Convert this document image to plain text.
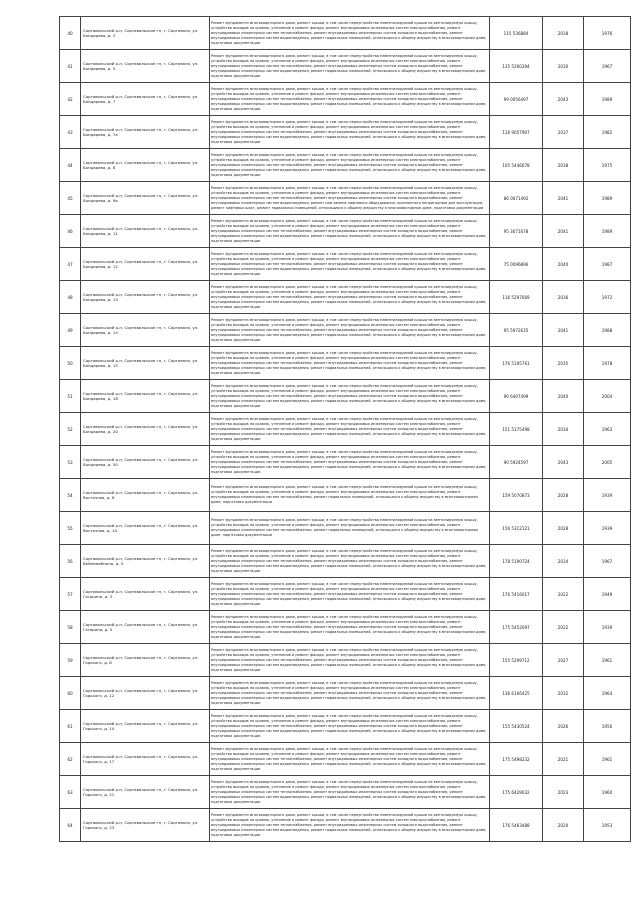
40	Сортавальский р-н, Сортавальское гп, г. Сортавала, ул. Бондарева, д. 3	Ремонт фундамента многоквартирного дома, ремонт крыши, в том числе переустройство невентилируемой крыши на вентилируемую крышу, устройство выходов на кровлю, утепление и ремонт фасада, ремонт внутридомовых инженерных систем электроснабжения, ремонт внутридомовых инженерных систем теплоснабжения, ремонт внутридомовых инженерных систем холодного водоснабжения, ремонт внутридомовых инженерных систем водоотведения, ремонт подвальных помещений, относящихся к общему имуществу в многоквартирном доме, подготовка документации	115 536884	2038	1976

41	Сортавальский р-н, Сортавальское гп, г. Сортавала, ул. Бондарева, д. 5	Ремонт фундамента многоквартирного дома, ремонт крыши, в том числе переустройство невентилируемой крыши на вентилируемую крышу, устройство выходов на кровлю, утепление и ремонт фасада, ремонт внутридомовых инженерных систем электроснабжения, ремонт внутридомовых инженерных систем теплоснабжения, ремонт внутридомовых инженерных систем холодного водоснабжения, ремонт внутридомовых инженерных систем водоотведения, ремонт подвальных помещений, относящихся к общему имуществу в многоквартирном доме, подготовка документации	135 5260394	2030	1967

42	Сортавальский р-н, Сортавальское гп, г. Сортавала, ул. Бондарева, д. 7	Ремонт фундамента многоквартирного дома, ремонт крыши, в том числе переустройство невентилируемой крыши на вентилируемую крышу, устройство выходов на кровлю, утепление и ремонт фасада, ремонт внутридомовых инженерных систем электроснабжения, ремонт внутридомовых инженерных систем теплоснабжения, ремонт внутридомовых инженерных систем холодного водоснабжения, ремонт внутридомовых инженерных систем водоотведения, ремонт подвальных помещений, относящихся к общему имуществу в многоквартирном доме, подготовка документации	99 0056497	2043	1989

43	Сортавальский р-н, Сортавальское гп, г. Сортавала, ул. Бондарева, д. 7а	Ремонт фундамента многоквартирного дома, ремонт крыши, в том числе переустройство невентилируемой крыши на вентилируемую крышу, устройство выходов на кровлю, утепление и ремонт фасада, ремонт внутридомовых инженерных систем электроснабжения, ремонт внутридомовых инженерных систем теплоснабжения, ремонт внутридомовых инженерных систем холодного водоснабжения, ремонт внутридомовых инженерных систем водоотведения, ремонт подвальных помещений, относящихся к общему имуществу в многоквартирном доме, подготовка документации	116 9057907	2037	1982

44	Сортавальский р-н, Сортавальское гп, г. Сортавала, ул. Бондарева, д. 8	Ремонт фундамента многоквартирного дома, ремонт крыши, в том числе переустройство невентилируемой крыши на вентилируемую крышу, устройство выходов на кровлю, утепление и ремонт фасада, ремонт внутридомовых инженерных систем электроснабжения, ремонт внутридомовых инженерных систем теплоснабжения, ремонт внутридомовых инженерных систем холодного водоснабжения, ремонт внутридомовых инженерных систем водоотведения, ремонт подвальных помещений, относящихся к общему имуществу в многоквартирном доме, подготовка документации	105 5446678	2038	1975

45	Сортавальский р-н, Сортавальское гп, г. Сортавала, ул. Бондарева, д. 9а	Ремонт фундамента многоквартирного дома, ремонт крыши, в том числе переустройство невентилируемой крыши на вентилируемую крышу, устройство выходов на кровлю, утепление и ремонт фасада, ремонт внутридомовых инженерных систем электроснабжения, ремонт внутридомовых инженерных систем теплоснабжения, ремонт внутридомовых инженерных систем холодного водоснабжения, ремонт внутридомовых инженерных систем водоотведения, ремонт или замена лифтового оборудования, признанного непригодным для эксплуатации, ремонт лифтовых шахт, ремонт подвальных помещений, относящихся к общему имуществу в многоквартирном доме, подготовка документации	86 0071492	2041	1989

46	Сортавальский р-н, Сортавальское гп, г. Сортавала, ул. Бондарева, д. 11	Ремонт фундамента многоквартирного дома, ремонт крыши, в том числе переустройство невентилируемой крыши на вентилируемую крышу, устройство выходов на кровлю, утепление и ремонт фасада, ремонт внутридомовых инженерных систем электроснабжения, ремонт внутридомовых инженерных систем теплоснабжения, ремонт внутридомовых инженерных систем холодного водоснабжения, ремонт внутридомовых инженерных систем водоотведения, ремонт подвальных помещений, относящихся к общему имуществу в многоквартирном доме, подготовка документации	95 3071678	2041	1989

47	Сортавальский р-н, Сортавальское гп, г. Сортавала, ул. Бондарева, д. 12	Ремонт фундамента многоквартирного дома, ремонт крыши, в том числе переустройство невентилируемой крыши на вентилируемую крышу, устройство выходов на кровлю, утепление и ремонт фасада, ремонт внутридомовых инженерных систем электроснабжения, ремонт внутридомовых инженерных систем теплоснабжения, ремонт внутридомовых инженерных систем холодного водоснабжения, ремонт внутридомовых инженерных систем водоотведения, ремонт подвальных помещений, относящихся к общему имуществу в многоквартирном доме, подготовка документации	75 0096896	2040	1987

48	Сортавальский р-н, Сортавальское гп, г. Сортавала, ул. Бондарева, д. 13	Ремонт фундамента многоквартирного дома, ремонт крыши, в том числе переустройство невентилируемой крыши на вентилируемую крышу, устройство выходов на кровлю, утепление и ремонт фасада, ремонт внутридомовых инженерных систем электроснабжения, ремонт внутридомовых инженерных систем теплоснабжения, ремонт внутридомовых инженерных систем холодного водоснабжения, ремонт внутридомовых инженерных систем водоотведения, ремонт подвальных помещений, относящихся к общему имуществу в многоквартирном доме, подготовка документации	116 5297669	2036	1972

49	Сортавальский р-н, Сортавальское гп, г. Сортавала, ул. Бондарева, д. 14	Ремонт фундамента многоквартирного дома, ремонт крыши, в том числе переустройство невентилируемой крыши на вентилируемую крышу, устройство выходов на кровлю, утепление и ремонт фасада, ремонт внутридомовых инженерных систем электроснабжения, ремонт внутридомовых инженерных систем теплоснабжения, ремонт внутридомовых инженерных систем холодного водоснабжения, ремонт внутридомовых инженерных систем водоотведения, ремонт подвальных помещений, относящихся к общему имуществу в многоквартирном доме, подготовка документации	95 5972635	2041	1988

50	Сортавальский р-н, Сортавальское гп, г. Сортавала, ул. Бондарева, д. 15	Ремонт фундамента многоквартирного дома, ремонт крыши, в том числе переустройство невентилируемой крыши на вентилируемую крышу, устройство выходов на кровлю, утепление и ремонт фасада, ремонт внутридомовых инженерных систем электроснабжения, ремонт внутридомовых инженерных систем теплоснабжения, ремонт внутридомовых инженерных систем холодного водоснабжения, ремонт внутридомовых инженерных систем водоотведения, ремонт подвальных помещений, относящихся к общему имуществу в многоквартирном доме, подготовка документации	176 5195761	2035	1978

51	Сортавальский р-н, Сортавальское гп, г. Сортавала, ул. Бондарева, д. 18	Ремонт фундамента многоквартирного дома, ремонт крыши, в том числе переустройство невентилируемой крыши на вентилируемую крышу, устройство выходов на кровлю, утепление и ремонт фасада, ремонт внутридомовых инженерных систем электроснабжения, ремонт внутридомовых инженерных систем теплоснабжения, ремонт внутридомовых инженерных систем холодного водоснабжения, ремонт внутридомовых инженерных систем водоотведения, ремонт подвальных помещений, относящихся к общему имуществу в многоквартирном доме, подготовка документации	90 6407499	2040	2004

52	Сортавальский р-н, Сортавальское гп, г. Сортавала, ул. Бондарева, д. 20	Ремонт фундамента многоквартирного дома, ремонт крыши, в том числе переустройство невентилируемой крыши на вентилируемую крышу, устройство выходов на кровлю, утепление и ремонт фасада, ремонт внутридомовых инженерных систем электроснабжения, ремонт внутридомовых инженерных систем теплоснабжения, ремонт внутридомовых инженерных систем холодного водоснабжения, ремонт внутридомовых инженерных систем водоотведения, ремонт подвальных помещений, относящихся к общему имуществу в многоквартирном доме, подготовка документации	151 5175498	2034	1963

53	Сортавальский р-н, Сортавальское гп, г. Сортавала, ул. Бондарева, д. 50	Ремонт фундамента многоквартирного дома, ремонт крыши, в том числе переустройство невентилируемой крыши на вентилируемую крышу, устройство выходов на кровлю, утепление и ремонт фасада, ремонт внутридомовых инженерных систем электроснабжения, ремонт внутридомовых инженерных систем теплоснабжения, ремонт внутридомовых инженерных систем холодного водоснабжения, ремонт внутридомовых инженерных систем водоотведения, ремонт подвальных помещений, относящихся к общему имуществу в многоквартирном доме, подготовка документации	90 5924597	2043	2005

54	Сортавальский р-н, Сортавальское гп, г. Сортавала, ул. Восточная, д. 8	Ремонт фундамента многоквартирного дома, ремонт крыши, в том числе переустройство невентилируемой крыши на вентилируемую крышу, устройство выходов на кровлю, утепление и ремонт фасада, ремонт внутридомовых инженерных систем электроснабжения, ремонт внутридомовых инженерных систем теплоснабжения, ремонт подвальных помещений, относящихся к общему имуществу в многоквартирном доме, подготовка документации	159 5070873	2028	1939

55	Сортавальский р-н, Сортавальское гп, г. Сортавала, ул. Восточная, д. 10	Ремонт фундамента многоквартирного дома, ремонт крыши, в том числе переустройство невентилируемой крыши на вентилируемую крышу, устройство выходов на кровлю, утепление и ремонт фасада, ремонт внутридомовых инженерных систем электроснабжения, ремонт внутридомовых инженерных систем теплоснабжения, ремонт подвальных помещений, относящихся к общему имуществу в многоквартирном доме, подготовка документации	156 5312121	2028	1939

56	Сортавальский р-н, Сортавальское гп, г. Сортавала, ул. Вейнемейнена, д. 5	Ремонт фундамента многоквартирного дома, ремонт крыши, в том числе переустройство невентилируемой крыши на вентилируемую крышу, устройство выходов на кровлю, утепление и ремонт фасада, ремонт внутридомовых инженерных систем электроснабжения, ремонт внутридомовых инженерных систем теплоснабжения, ремонт внутридомовых инженерных систем холодного водоснабжения, ремонт внутридомовых инженерных систем водоотведения, ремонт подвальных помещений, относящихся к общему имуществу в многоквартирном доме, подготовка документации	178 5190724	2034	1967

57	Сортавальский р-н, Сортавальское гп, г. Сортавала, ул. Гагарина, д. 3	Ремонт фундамента многоквартирного дома, ремонт крыши, в том числе переустройство невентилируемой крыши на вентилируемую крышу, устройство выходов на кровлю, утепление и ремонт фасада, ремонт внутридомовых инженерных систем электроснабжения, ремонт внутридомовых инженерных систем теплоснабжения, ремонт внутридомовых инженерных систем холодного водоснабжения, ремонт внутридомовых инженерных систем водоотведения, ремонт подвальных помещений, относящихся к общему имуществу в многоквартирном доме, подготовка документации	176 5416017	2022	1949

58	Сортавальский р-н, Сортавальское гп, г. Сортавала, ул. Гагарина, д. 5	Ремонт фундамента многоквартирного дома, ремонт крыши, в том числе переустройство невентилируемой крыши на вентилируемую крышу, устройство выходов на кровлю, утепление и ремонт фасада, ремонт внутридомовых инженерных систем электроснабжения, ремонт внутридомовых инженерных систем теплоснабжения, ремонт внутридомовых инженерных систем холодного водоснабжения, ремонт внутридомовых инженерных систем водоотведения, ремонт подвальных помещений, относящихся к общему имуществу в многоквартирном доме, подготовка документации	175 5452097	2022	1939

59	Сортавальский р-н, Сортавальское гп, г. Сортавала, ул. Горького, д. 8	Ремонт фундамента многоквартирного дома, ремонт крыши, в том числе переустройство невентилируемой крыши на вентилируемую крышу, устройство выходов на кровлю, утепление и ремонт фасада, ремонт внутридомовых инженерных систем электроснабжения, ремонт внутридомовых инженерных систем теплоснабжения, ремонт внутридомовых инженерных систем холодного водоснабжения, ремонт внутридомовых инженерных систем водоотведения, ремонт подвальных помещений, относящихся к общему имуществу в многоквартирном доме, подготовка документации	155 5299712	2027	1961

60	Сортавальский р-н, Сортавальское гп, г. Сортавала, ул. Горького, д. 12	Ремонт фундамента многоквартирного дома, ремонт крыши, в том числе переустройство невентилируемой крыши на вентилируемую крышу, устройство выходов на кровлю, утепление и ремонт фасада, ремонт внутридомовых инженерных систем электроснабжения, ремонт внутридомовых инженерных систем теплоснабжения, ремонт внутридомовых инженерных систем холодного водоснабжения, ремонт внутридомовых инженерных систем водоотведения, ремонт подвальных помещений, относящихся к общему имуществу в многоквартирном доме, подготовка документации	136 6166425	2032	1964

61	Сортавальский р-н, Сортавальское гп, г. Сортавала, ул. Горького, д. 14	Ремонт фундамента многоквартирного дома, ремонт крыши, в том числе переустройство невентилируемой крыши на вентилируемую крышу, устройство выходов на кровлю, утепление и ремонт фасада, ремонт внутридомовых инженерных систем электроснабжения, ремонт внутридомовых инженерных систем теплоснабжения, ремонт внутридомовых инженерных систем холодного водоснабжения, ремонт внутридомовых инженерных систем водоотведения, ремонт подвальных помещений, относящихся к общему имуществу в многоквартирном доме, подготовка документации	155 5430524	2026	1956

62	Сортавальский р-н, Сортавальское гп, г. Сортавала, ул. Горького, д. 17	Ремонт фундамента многоквартирного дома, ремонт крыши, в том числе переустройство невентилируемой крыши на вентилируемую крышу, устройство выходов на кровлю, утепление и ремонт фасада, ремонт внутридомовых инженерных систем электроснабжения, ремонт внутридомовых инженерных систем теплоснабжения, ремонт внутридомовых инженерных систем холодного водоснабжения, ремонт внутридомовых инженерных систем водоотведения, ремонт подвальных помещений, относящихся к общему имуществу в многоквартирном доме, подготовка документации	175 5498232	2021	1961

63	Сортавальский р-н, Сортавальское гп, г. Сортавала, ул. Горького, д. 21	Ремонт фундамента многоквартирного дома, ремонт крыши, в том числе переустройство невентилируемой крыши на вентилируемую крышу, устройство выходов на кровлю, утепление и ремонт фасада, ремонт внутридомовых инженерных систем электроснабжения, ремонт внутридомовых инженерных систем теплоснабжения, ремонт внутридомовых инженерных систем холодного водоснабжения, ремонт внутридомовых инженерных систем водоотведения, ремонт подвальных помещений, относящихся к общему имуществу в многоквартирном доме, подготовка документации	175 6429032	2023	1960

64	Сортавальский р-н, Сортавальское гп, г. Сортавала, ул. Горького, д. 23	Ремонт фундамента многоквартирного дома, ремонт крыши, в том числе переустройство невентилируемой крыши на вентилируемую крышу, устройство выходов на кровлю, утепление и ремонт фасада, ремонт внутридомовых инженерных систем электроснабжения, ремонт внутридомовых инженерных систем теплоснабжения, ремонт внутридомовых инженерных систем холодного водоснабжения, ремонт внутридомовых инженерных систем водоотведения, ремонт подвальных помещений, относящихся к общему имуществу в многоквартирном доме, подготовка документации	176 5463488	2020	1953
